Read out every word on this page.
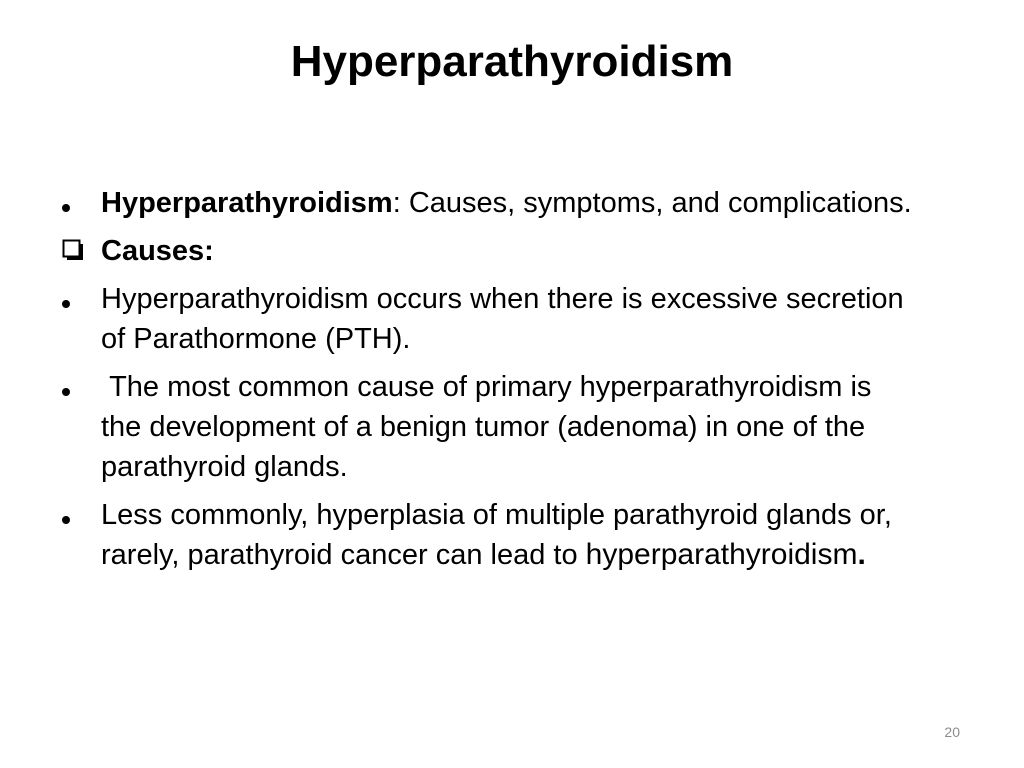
Hyperparathyroidism
Hyperparathyroidism: Causes, symptoms, and complications.
Causes:
Hyperparathyroidism occurs when there is excessive secretion of Parathormone (PTH).
The most common cause of primary hyperparathyroidism is the development of a benign tumor (adenoma) in one of the parathyroid glands.
Less commonly, hyperplasia of multiple parathyroid glands or, rarely, parathyroid cancer can lead to hyperparathyroidism.
20
